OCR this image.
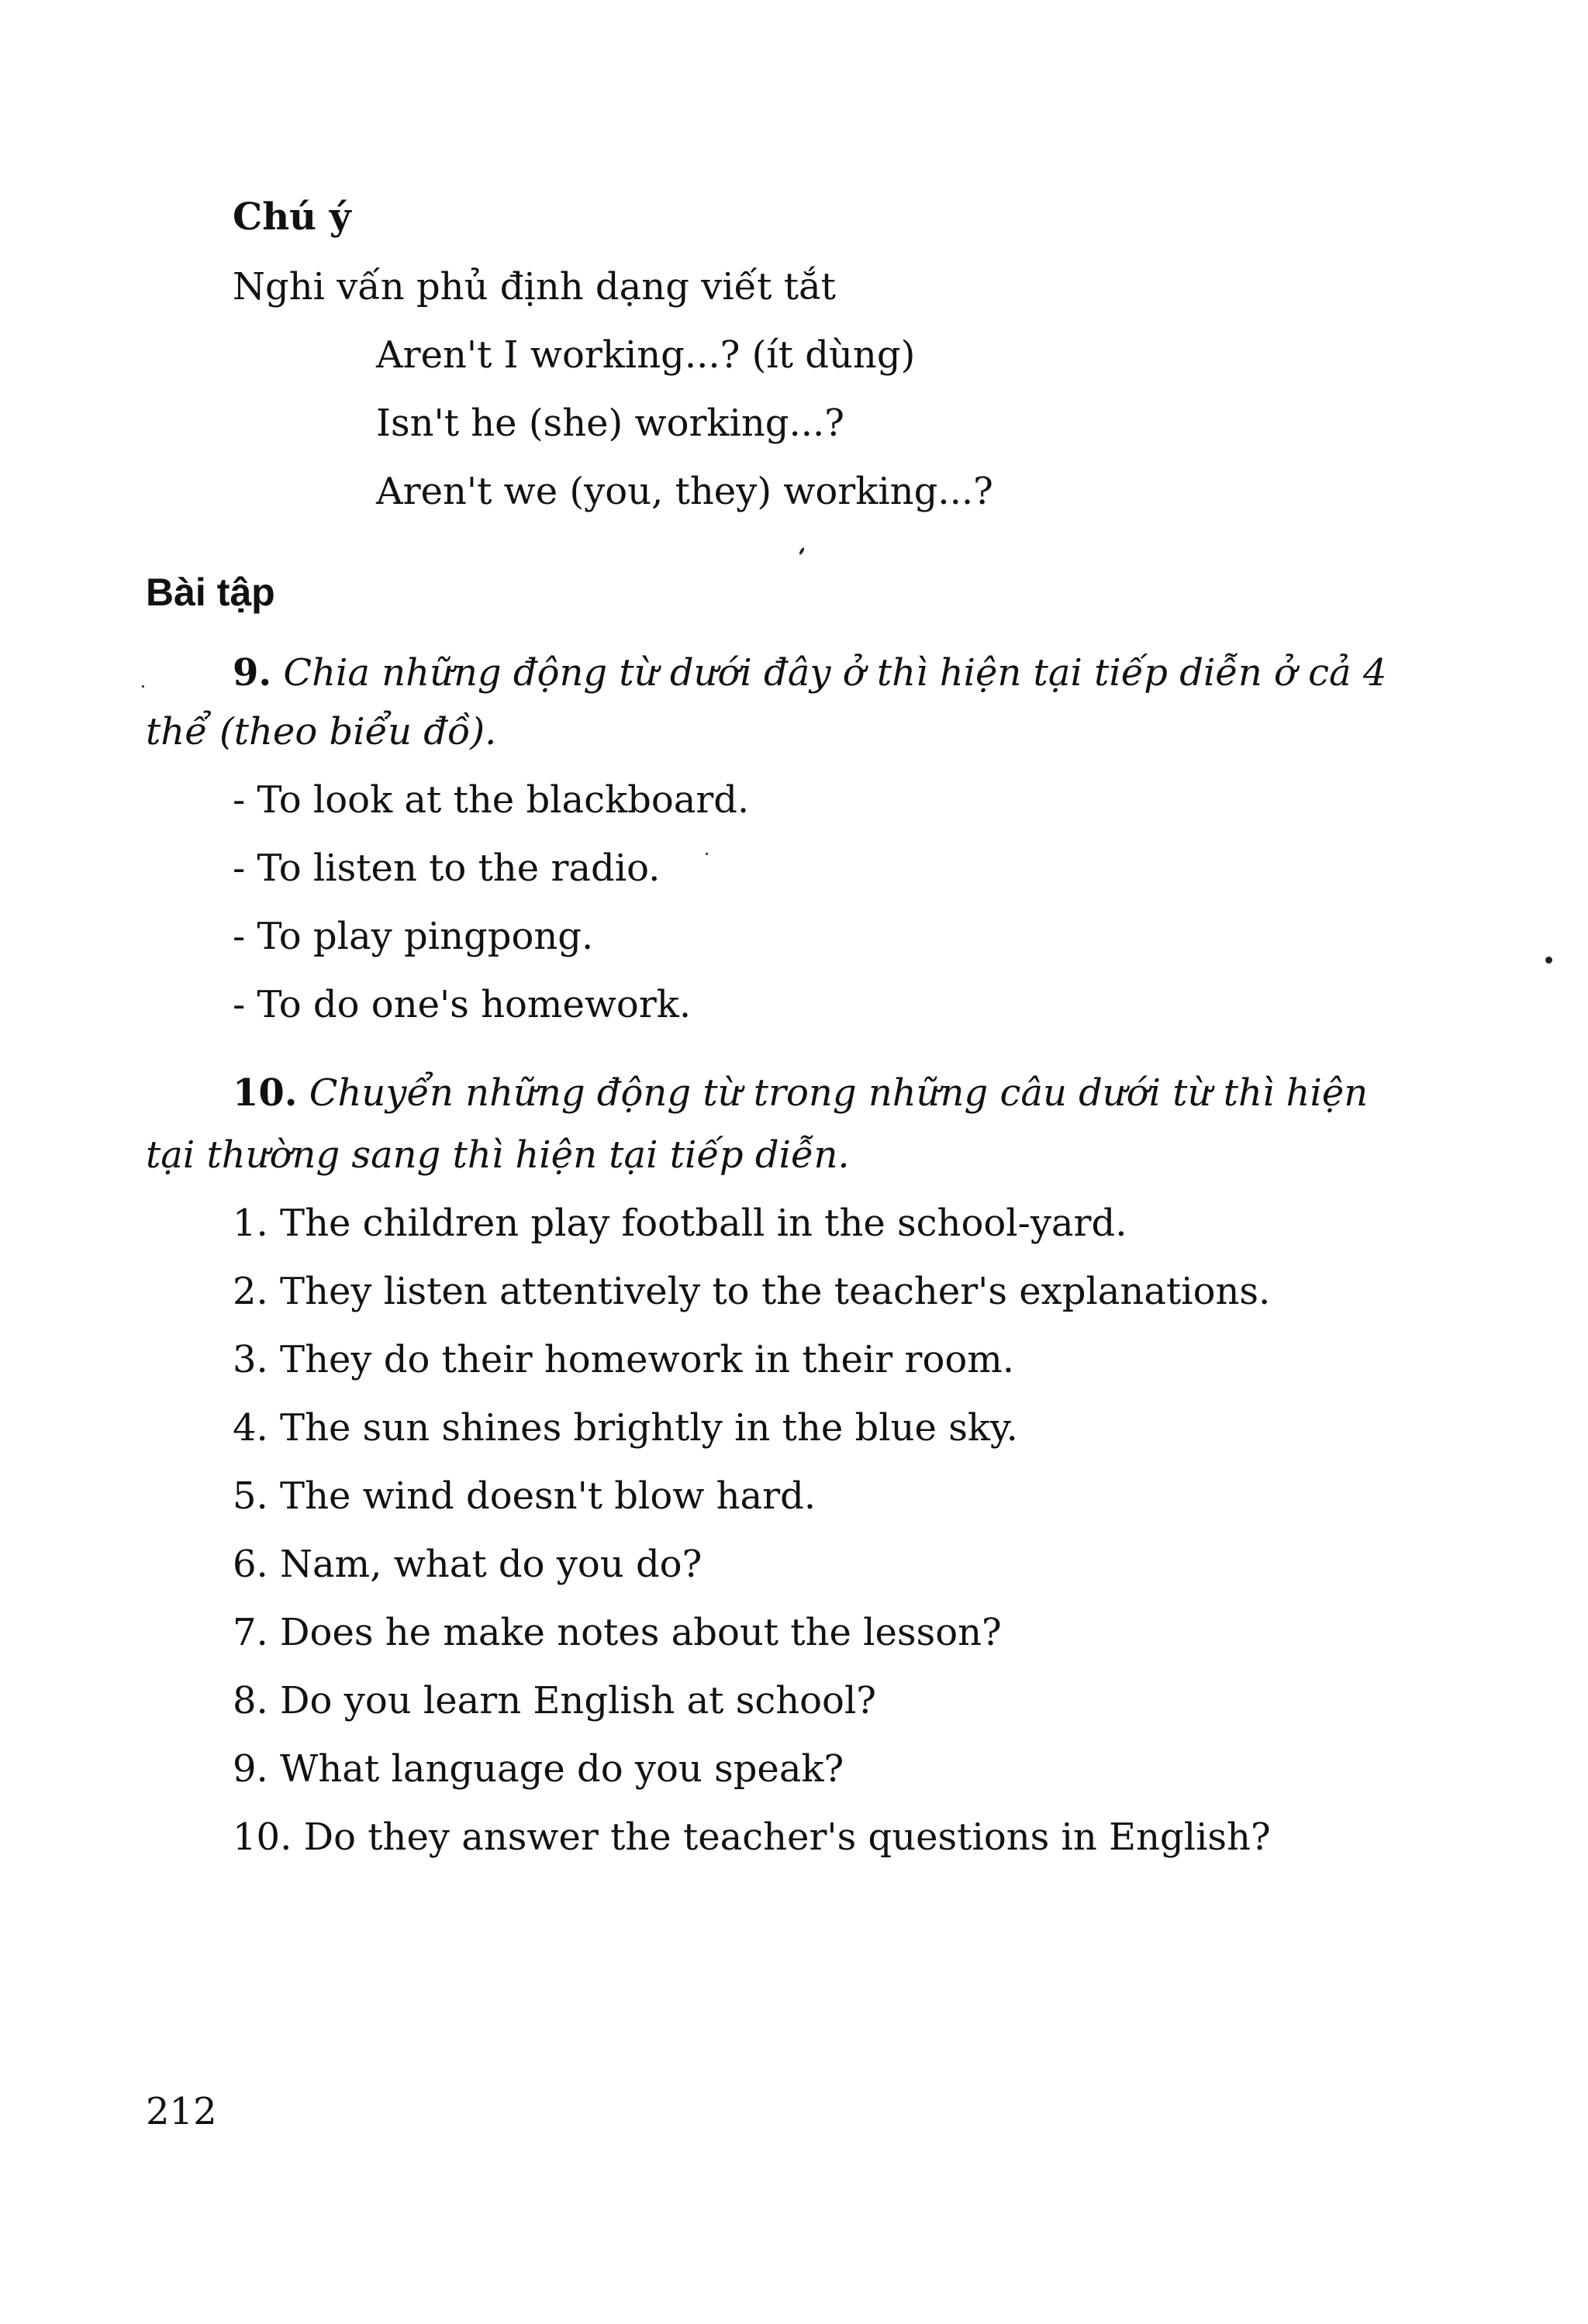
Chú ý
Nghi vấn phủ định dạng viết tắt
Aren't I working...? (ít dùng)
Isn't he (she) working...?
Aren't we (you, they) working...?
Bài tập
9. Chia những động từ dưới đây ở thì hiện tại tiếp diễn ở cả 4
thể (theo biểu đồ).
- To look at the blackboard.
- To listen to the radio.
- To play pingpong.
- To do one's homework.
10. Chuyển những động từ trong những câu dưới từ thì hiện
tại thường sang thì hiện tại tiếp diễn.
1. The children play football in the school-yard.
2. They listen attentively to the teacher's explanations.
3. They do their homework in their room.
4. The sun shines brightly in the blue sky.
5. The wind doesn't blow hard.
6. Nam, what do you do?
7. Does he make notes about the lesson?
8. Do you learn English at school?
9. What language do you speak?
10. Do they answer the teacher's questions in English?
212
